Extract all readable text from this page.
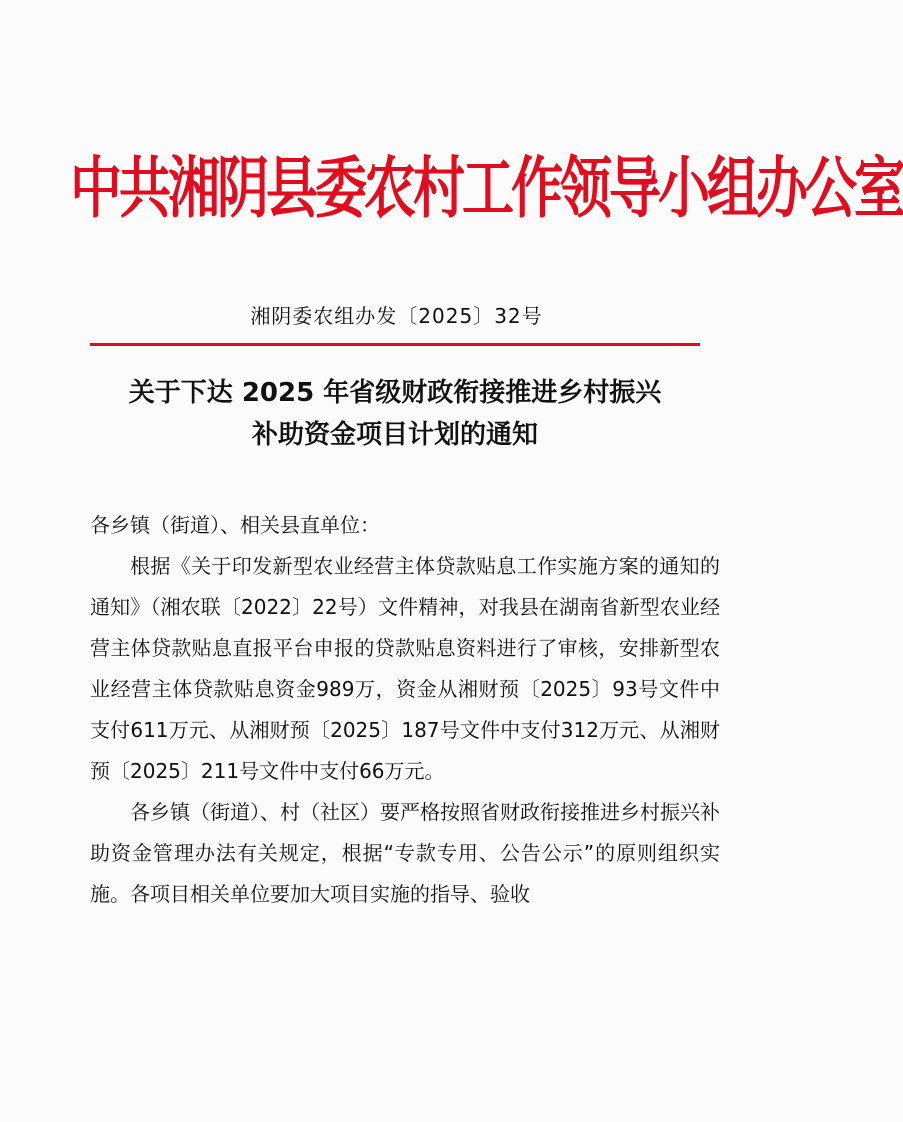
中共湘阴县委农村工作领导小组办公室
湘阴委农组办发〔2025〕32号
关于下达 2025 年省级财政衔接推进乡村振兴
补助资金项目计划的通知

各乡镇（街道）、相关县直单位：

根据《关于印发新型农业经营主体贷款贴息工作实施方案的通知的通知》（湘农联〔2022〕22号）文件精神，对我县在湖南省新型农业经营主体贷款贴息直报平台申报的贷款贴息资料进行了审核，安排新型农业经营主体贷款贴息资金989万，资金从湘财预〔2025〕93号文件中支付611万元、从湘财预〔2025〕187号文件中支付312万元、从湘财预〔2025〕211号文件中支付66万元。

各乡镇（街道）、村（社区）要严格按照省财政衔接推进乡村振兴补助资金管理办法有关规定，根据“专款专用、公告公示”的原则组织实施。各项目相关单位要加大项目实施的指导、验收
